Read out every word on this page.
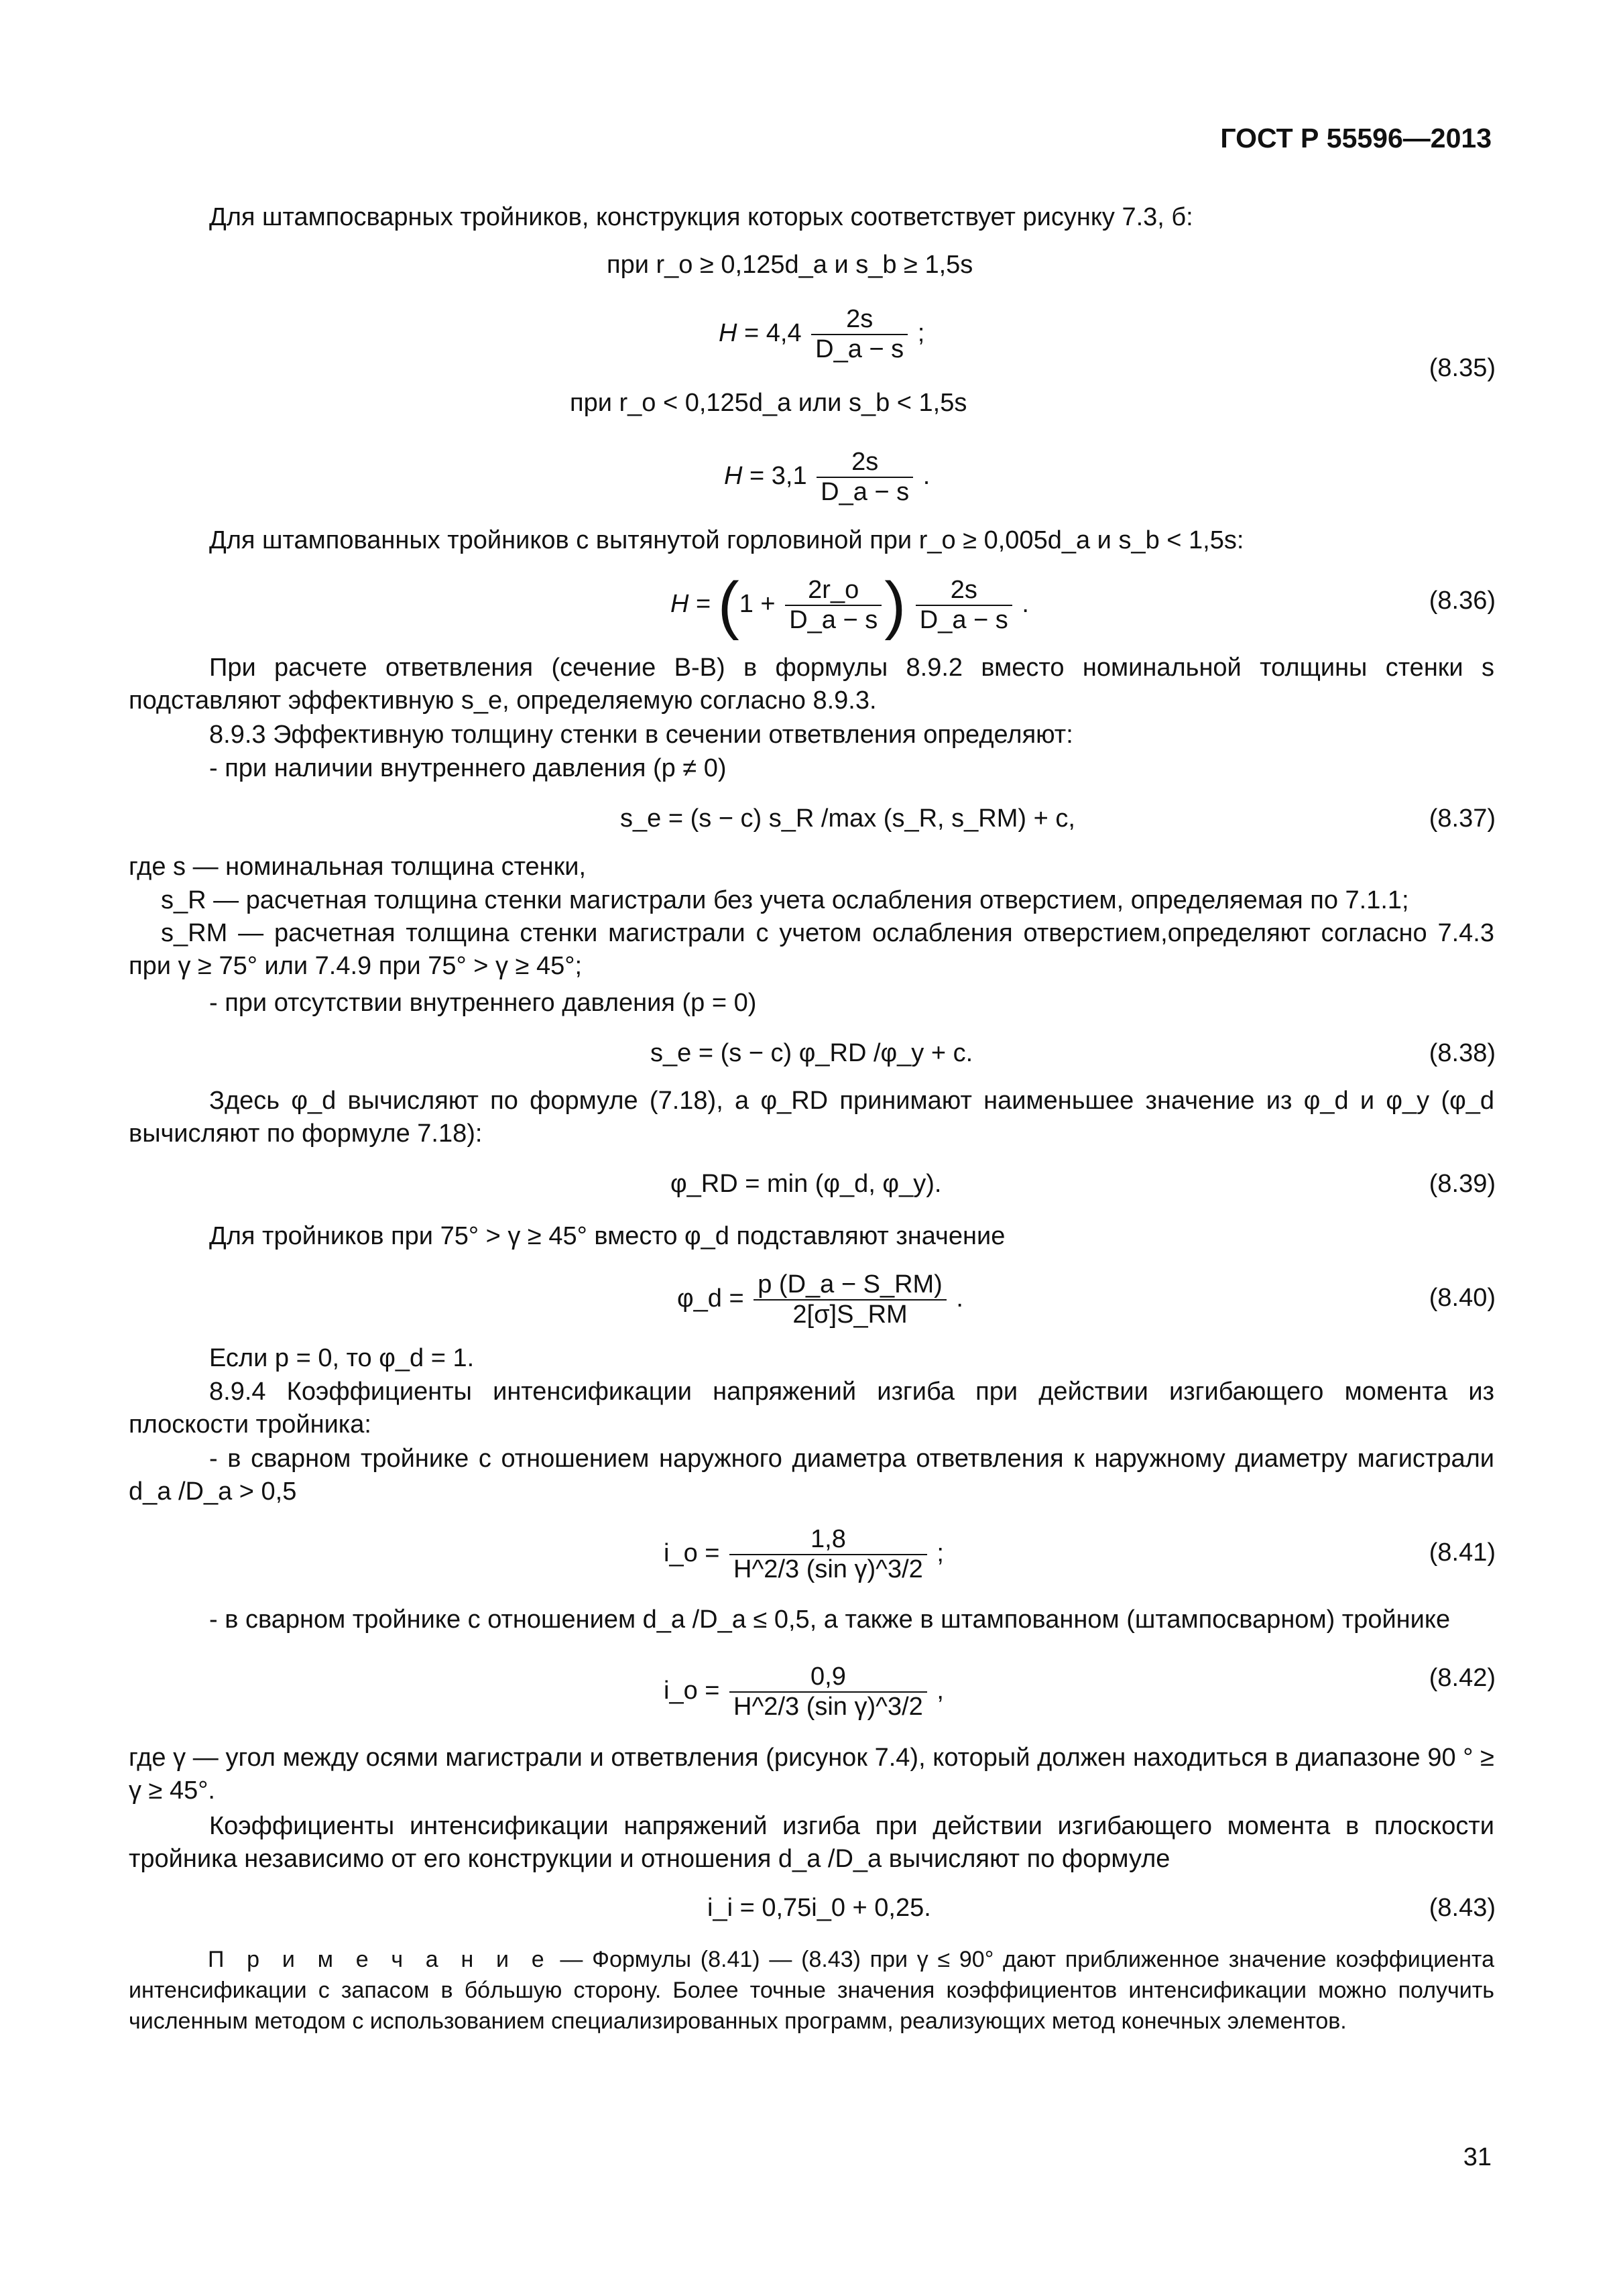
ГОСТ Р 55596—2013
Для штампосварных тройников, конструкция которых соответствует рисунку 7.3, б:
при r_o ≥ 0,125d_a и s_b ≥ 1,5s
$H = 4,4 \frac{2s}{D\_a - s}$ ;
(8.35)
при r_o < 0,125d_a или s_b < 1,5s
$H = 3,1 \frac{2s}{D\_a - s}$ .
Для штампованных тройников с вытянутой горловиной при r_o ≥ 0,005d_a и s_b < 1,5s:
$H = (1 + \frac{2r\_o}{D\_a - s}$ ) $\frac{2s}{D\_a - s}$ .	(8.36)
При расчете ответвления (сечение В-В) в формулы 8.9.2 вместо номинальной толщины стенки s подставляют эффективную s_e, определяемую согласно 8.9.3.
8.9.3 Эффективную толщину стенки в сечении ответвления определяют:
- при наличии внутреннего давления (p ≠ 0)
s_e = (s − c) s_R /max (s_R, s_RM) + c,	(8.37)
где s — номинальная толщина стенки,
s_R — расчетная толщина стенки магистрали без учета ослабления отверстием, определяемая по 7.1.1;
s_RM — расчетная толщина стенки магистрали с учетом ослабления отверстием,определяют согласно 7.4.3 при γ ≥ 75° или 7.4.9 при 75° > γ ≥ 45°;
- при отсутствии внутреннего давления (p = 0)
s_e = (s − c) φ_RD /φ_y + c.	(8.38)
Здесь φ_d вычисляют по формуле (7.18), а φ_RD принимают наименьшее значение из φ_d и φ_y (φ_d вычисляют по формуле 7.18):
φ_RD = min (φ_d, φ_y).	(8.39)
Для тройников при 75° > γ ≥ 45° вместо φ_d подставляют значение
φ_d = $\frac{p (D\_a - S\_RM)}{2[\sigma]S\_RM}$ .	(8.40)
Если p = 0, то φ_d = 1.
8.9.4 Коэффициенты интенсификации напряжений изгиба при действии изгибающего момента из плоскости тройника:
- в сварном тройнике с отношением наружного диаметра ответвления к наружному диаметру магистрали d_a /D_a > 0,5
i_o = $\frac{1,8}{\text{H\textasciicircum{}2/3 (sin γ)\textasciicircum{}3/2}}$ ;	(8.41)
- в сварном тройнике с отношением d_a /D_a ≤ 0,5, а также в штампованном (штампосварном) тройнике
i_o = $\frac{0,9}{\text{H\textasciicircum{}2/3 (sin γ)\textasciicircum{}3/2}}$ ,	(8.42)
где γ — угол между осями магистрали и ответвления (рисунок 7.4), который должен находиться в диапазоне 90 ° ≥ γ ≥ 45°.
Коэффициенты интенсификации напряжений изгиба при действии изгибающего момента в плоскости тройника независимо от его конструкции и отношения d_a /D_a вычисляют по формуле
i_i = 0,75i_0 + 0,25.	(8.43)
П р и м е ч а н и е — Формулы (8.41) — (8.43) при γ ≤ 90° дают приближенное значение коэффициента интенсификации с запасом в бóльшую сторону. Более точные значения коэффициентов интенсификации можно получить численным методом с использованием специализированных программ, реализующих метод конечных элементов.
31
